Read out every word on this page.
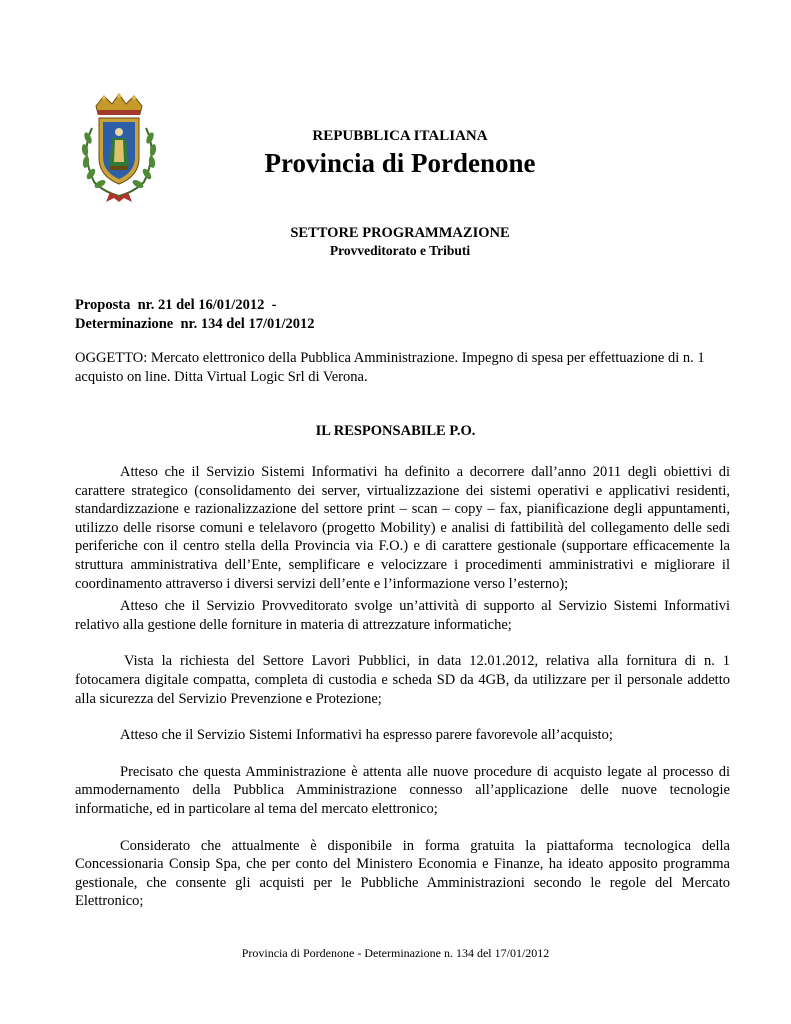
REPUBBLICA ITALIANA
Provincia di Pordenone
SETTORE PROGRAMMAZIONE
Provveditorato e Tributi
Proposta  nr. 21 del 16/01/2012  -
Determinazione  nr. 134 del 17/01/2012
OGGETTO: Mercato elettronico della Pubblica Amministrazione. Impegno di spesa per effettuazione di n. 1 acquisto on line. Ditta Virtual Logic Srl di Verona.
IL RESPONSABILE P.O.

Atteso che il Servizio Sistemi Informativi ha definito a decorrere dall’anno 2011 degli obiettivi di carattere strategico (consolidamento dei server, virtualizzazione dei sistemi operativi e applicativi residenti, standardizzazione e razionalizzazione del settore print – scan – copy – fax, pianificazione degli appuntamenti, utilizzo delle risorse comuni e telelavoro (progetto Mobility) e analisi di fattibilità del collegamento delle sedi periferiche con il centro stella della Provincia via F.O.) e di carattere gestionale (supportare efficacemente la struttura amministrativa dell’Ente, semplificare e velocizzare i procedimenti amministrativi e migliorare il coordinamento attraverso i diversi servizi dell’ente e l’informazione verso l’esterno);

Atteso che il Servizio Provveditorato svolge un’attività di supporto al Servizio Sistemi Informativi relativo alla gestione delle forniture in materia di attrezzature informatiche;

Vista la richiesta del Settore Lavori Pubblici, in data 12.01.2012, relativa alla fornitura di n. 1 fotocamera digitale compatta, completa di custodia e scheda SD da 4GB, da utilizzare per il personale addetto alla sicurezza del Servizio Prevenzione e Protezione;

Atteso che il Servizio Sistemi Informativi ha espresso parere favorevole all’acquisto;

Precisato che questa Amministrazione è attenta alle nuove procedure di acquisto legate al processo di ammodernamento della Pubblica Amministrazione connesso all’applicazione delle nuove tecnologie informatiche, ed in particolare al tema del mercato elettronico;

Considerato che attualmente è disponibile in forma gratuita la piattaforma tecnologica della Concessionaria Consip Spa, che per conto del Ministero Economia e Finanze, ha ideato apposito programma gestionale, che consente gli acquisti per le Pubbliche Amministrazioni secondo le regole del Mercato Elettronico;

Provincia di Pordenone - Determinazione n. 134 del 17/01/2012
